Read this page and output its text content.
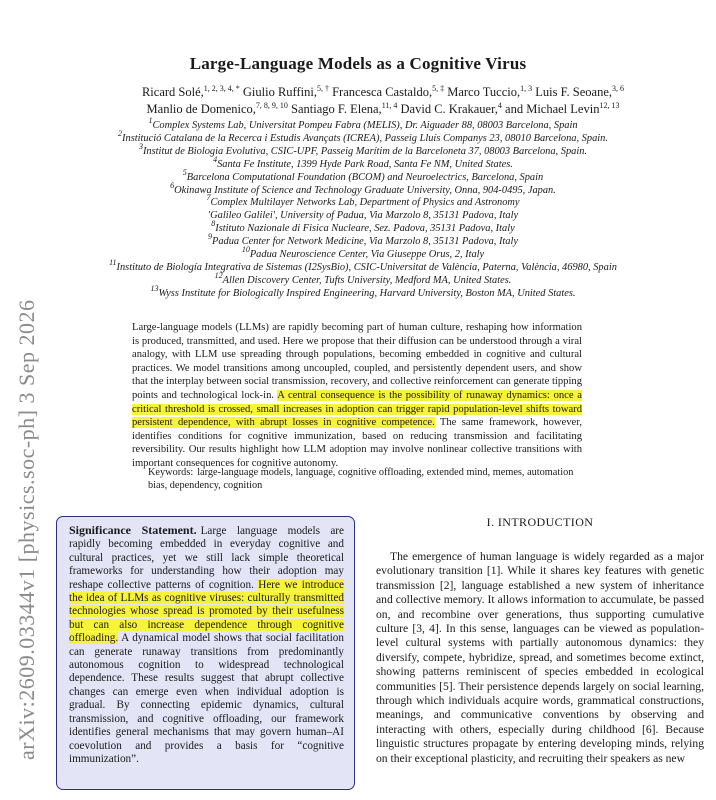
arXiv:2609.03344v1 [physics.soc-ph] 3 Sep 2026
Large-Language Models as a Cognitive Virus
Ricard Solé,$^{1, 2, 3, 4, *}$ Giulio Ruffini,$^{5, \dagger}$ Francesca Castaldo,$^{5, \ddagger}$ Marco Tuccio,$^{1, 3}$ Luis F. Seoane,$^{3, 6}$
Manlio de Domenico,$^{7, 8, 9, 10}$ Santiago F. Elena,$^{11, 4}$ David C. Krakauer,$^4$ and Michael Levin$^{12, 13}$
$^1$Complex Systems Lab, Universitat Pompeu Fabra (MELIS), Dr. Aiguader 88, 08003 Barcelona, Spain
$^2$Institució Catalana de la Recerca i Estudis Avançats (ICREA), Passeig Lluís Companys 23, 08010 Barcelona, Spain.
$^3$Institut de Biologia Evolutiva, CSIC-UPF, Passeig Marítim de la Barceloneta 37, 08003 Barcelona, Spain.
$^4$Santa Fe Institute, 1399 Hyde Park Road, Santa Fe NM, United States.
$^5$Barcelona Computational Foundation (BCOM) and Neuroelectrics, Barcelona, Spain
$^6$Okinawa Institute of Science and Technology Graduate University, Onna, 904-0495, Japan.
$^7$Complex Multilayer Networks Lab, Department of Physics and Astronomy
'Galileo Galilei', University of Padua, Via Marzolo 8, 35131 Padova, Italy
$^8$Istituto Nazionale di Fisica Nucleare, Sez. Padova, 35131 Padova, Italy
$^9$Padua Center for Network Medicine, Via Marzolo 8, 35131 Padova, Italy
$^{10}$Padua Neuroscience Center, Via Giuseppe Orus, 2, Italy
$^{11}$Instituto de Biología Integrativa de Sistemas (I2SysBio), CSIC-Universitat de València, Paterna, València, 46980, Spain
$^{12}$Allen Discovery Center, Tufts University, Medford MA, United States.
$^{13}$Wyss Institute for Biologically Inspired Engineering, Harvard University, Boston MA, United States.
Large-language models (LLMs) are rapidly becoming part of human culture, reshaping how information is produced, transmitted, and used. Here we propose that their diffusion can be understood through a viral analogy, with LLM use spreading through populations, becoming embedded in cognitive and cultural practices. We model transitions among uncoupled, coupled, and persistently dependent users, and show that the interplay between social transmission, recovery, and collective reinforcement can generate tipping points and technological lock-in. A central consequence is the possibility of runaway dynamics: once a critical threshold is crossed, small increases in adoption can trigger rapid population-level shifts toward persistent dependence, with abrupt losses in cognitive competence. The same framework, however, identifies conditions for cognitive immunization, based on reducing transmission and facilitating reversibility. Our results highlight how LLM adoption may involve nonlinear collective transitions with important consequences for cognitive autonomy.
Keywords: large-language models, language, cognitive offloading, extended mind, memes, automation bias, dependency, cognition
Significance Statement. Large language models are rapidly becoming embedded in everyday cognitive and cultural practices, yet we still lack simple theoretical frameworks for understanding how their adoption may reshape collective patterns of cognition. Here we introduce the idea of LLMs as cognitive viruses: culturally transmitted technologies whose spread is promoted by their usefulness but can also increase dependence through cognitive offloading. A dynamical model shows that social facilitation can generate runaway transitions from predominantly autonomous cognition to widespread technological dependence. These results suggest that abrupt collective changes can emerge even when individual adoption is gradual. By connecting epidemic dynamics, cultural transmission, and cognitive offloading, our framework identifies general mechanisms that may govern human–AI coevolution and provides a basis for “cognitive immunization”.
I. INTRODUCTION
The emergence of human language is widely regarded as a major evolutionary transition [1]. While it shares key features with genetic transmission [2], language established a new system of inheritance and collective memory. It allows information to accumulate, be passed on, and recombine over generations, thus supporting cumulative culture [3, 4]. In this sense, languages can be viewed as population-level cultural systems with partially autonomous dynamics: they diversify, compete, hybridize, spread, and sometimes become extinct, showing patterns reminiscent of species embedded in ecological communities [5]. Their persistence depends largely on social learning, through which individuals acquire words, grammatical constructions, meanings, and communicative conventions by observing and interacting with others, especially during childhood [6]. Because linguistic structures propagate by entering developing minds, relying on their exceptional plasticity, and recruiting their speakers as new
